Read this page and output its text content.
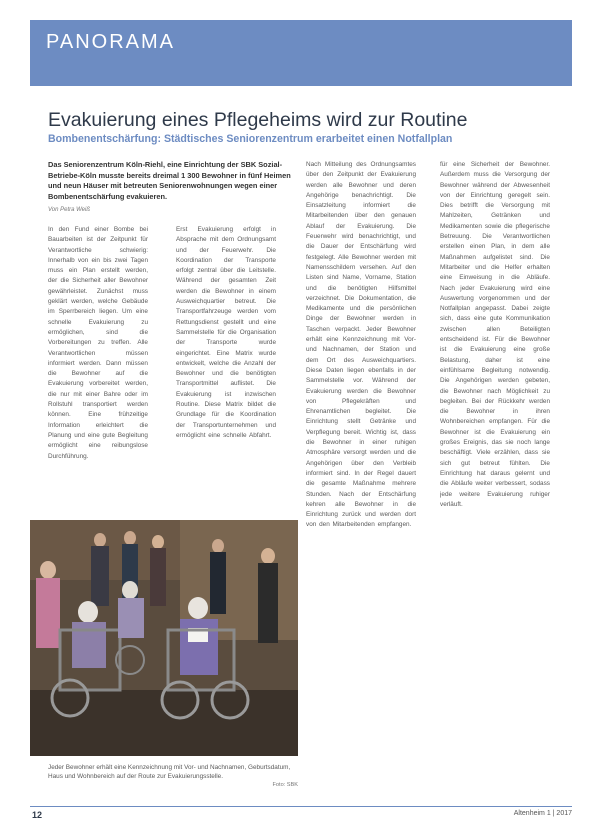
PANORAMA
Evakuierung eines Pflegeheims wird zur Routine
Bombenentschärfung: Städtisches Seniorenzentrum erarbeitet einen Notfallplan
Das Seniorenzentrum Köln-Riehl, eine Einrichtung der SBK Sozial-Betriebe-Köln musste bereits dreimal 1 300 Bewohner in fünf Heimen und neun Häuser mit betreuten Seniorenwohnungen wegen einer Bombenentschärfung evakuieren.
Von Petra Weiß
In den Fund einer Bombe bei Bauarbeiten ist der Zeitpunkt für Verantwortliche schwierig: Innerhalb von ein bis zwei Tagen muss ein Plan erstellt werden, der die Sicherheit aller Bewohner gewährleistet. Zunächst muss geklärt werden, welche Gebäude im Sperrbereich liegen. Um eine schnelle Evakuierung zu ermöglichen, sind die Vorbereitungen zu treffen. Alle Verantwortlichen müssen informiert werden. Dann müssen die Bewohner auf die Evakuierung vorbereitet werden, die nur mit einer Bahre oder im Rollstuhl transportiert werden können. Eine frühzeitige Information erleichtert die Planung und eine gute Begleitung ermöglicht eine reibungslose Durchführung.
Erst Evakuierung erfolgt in Absprache mit dem Ordnungsamt und der Feuerwehr. Die Koordination der Transporte erfolgt zentral über die Leitstelle. Während der gesamten Zeit werden die Bewohner in einem Ausweichquartier betreut. Die Transportfahrzeuge werden vom Rettungsdienst gestellt und eine Sammelstelle für die Organisation der Transporte wurde eingerichtet. Eine Matrix wurde entwickelt, welche die Anzahl der Bewohner und die benötigten Transportmittel auflistet. Die Evakuierung ist inzwischen Routine. Diese Matrix bildet die Grundlage für die Koordination der Transportunternehmen und ermöglicht eine schnelle Abfahrt.
Nach Mitteilung des Ordnungsamtes über den Zeitpunkt der Evakuierung werden alle Bewohner und deren Angehörige benachrichtigt. Die Einsatzleitung informiert die Mitarbeitenden über den genauen Ablauf der Evakuierung. Die Feuerwehr wird benachrichtigt, und die Dauer der Entschärfung wird festgelegt. Alle Bewohner werden mit Namensschildern versehen. Auf den Listen sind Name, Vorname, Station und die benötigten Hilfsmittel verzeichnet. Die Dokumentation, die Medikamente und die persönlichen Dinge der Bewohner werden in Taschen verpackt. Jeder Bewohner erhält eine Kennzeichnung mit Vor- und Nachnamen, der Station und dem Ort des Ausweichquartiers. Diese Daten liegen ebenfalls in der Sammelstelle vor. Während der Evakuierung werden die Bewohner von Pflegekräften und Ehrenamtlichen begleitet. Die Einrichtung stellt Getränke und Verpflegung bereit. Wichtig ist, dass die Bewohner in einer ruhigen Atmosphäre versorgt werden und die Angehörigen über den Verbleib informiert sind. In der Regel dauert die gesamte Maßnahme mehrere Stunden. Nach der Entschärfung kehren alle Bewohner in die Einrichtung zurück und werden dort von den Mitarbeitenden empfangen.
für eine Sicherheit der Bewohner. Außerdem muss die Versorgung der Bewohner während der Abwesenheit von der Einrichtung geregelt sein. Dies betrifft die Versorgung mit Mahlzeiten, Getränken und Medikamenten sowie die pflegerische Betreuung. Die Verantwortlichen erstellen einen Plan, in dem alle Maßnahmen aufgelistet sind. Die Mitarbeiter und die Helfer erhalten eine Einweisung in die Abläufe. Nach jeder Evakuierung wird eine Auswertung vorgenommen und der Notfallplan angepasst. Dabei zeigte sich, dass eine gute Kommunikation zwischen allen Beteiligten entscheidend ist. Für die Bewohner ist die Evakuierung eine große Belastung, daher ist eine einfühlsame Begleitung notwendig. Die Angehörigen werden gebeten, die Bewohner nach Möglichkeit zu begleiten. Bei der Rückkehr werden die Bewohner in ihren Wohnbereichen empfangen. Für die Bewohner ist die Evakuierung ein großes Ereignis, das sie noch lange beschäftigt. Viele erzählen, dass sie sich gut betreut fühlten. Die Einrichtung hat daraus gelernt und die Abläufe weiter verbessert, sodass jede weitere Evakuierung ruhiger verläuft.
Jeder Bewohner erhält eine Kennzeichnung mit Vor- und Nachnamen, Geburtsdatum, Haus und Wohnbereich auf der Route zur Evakuierungsstelle.
Foto: SBK
12	Altenheim 1 | 2017
